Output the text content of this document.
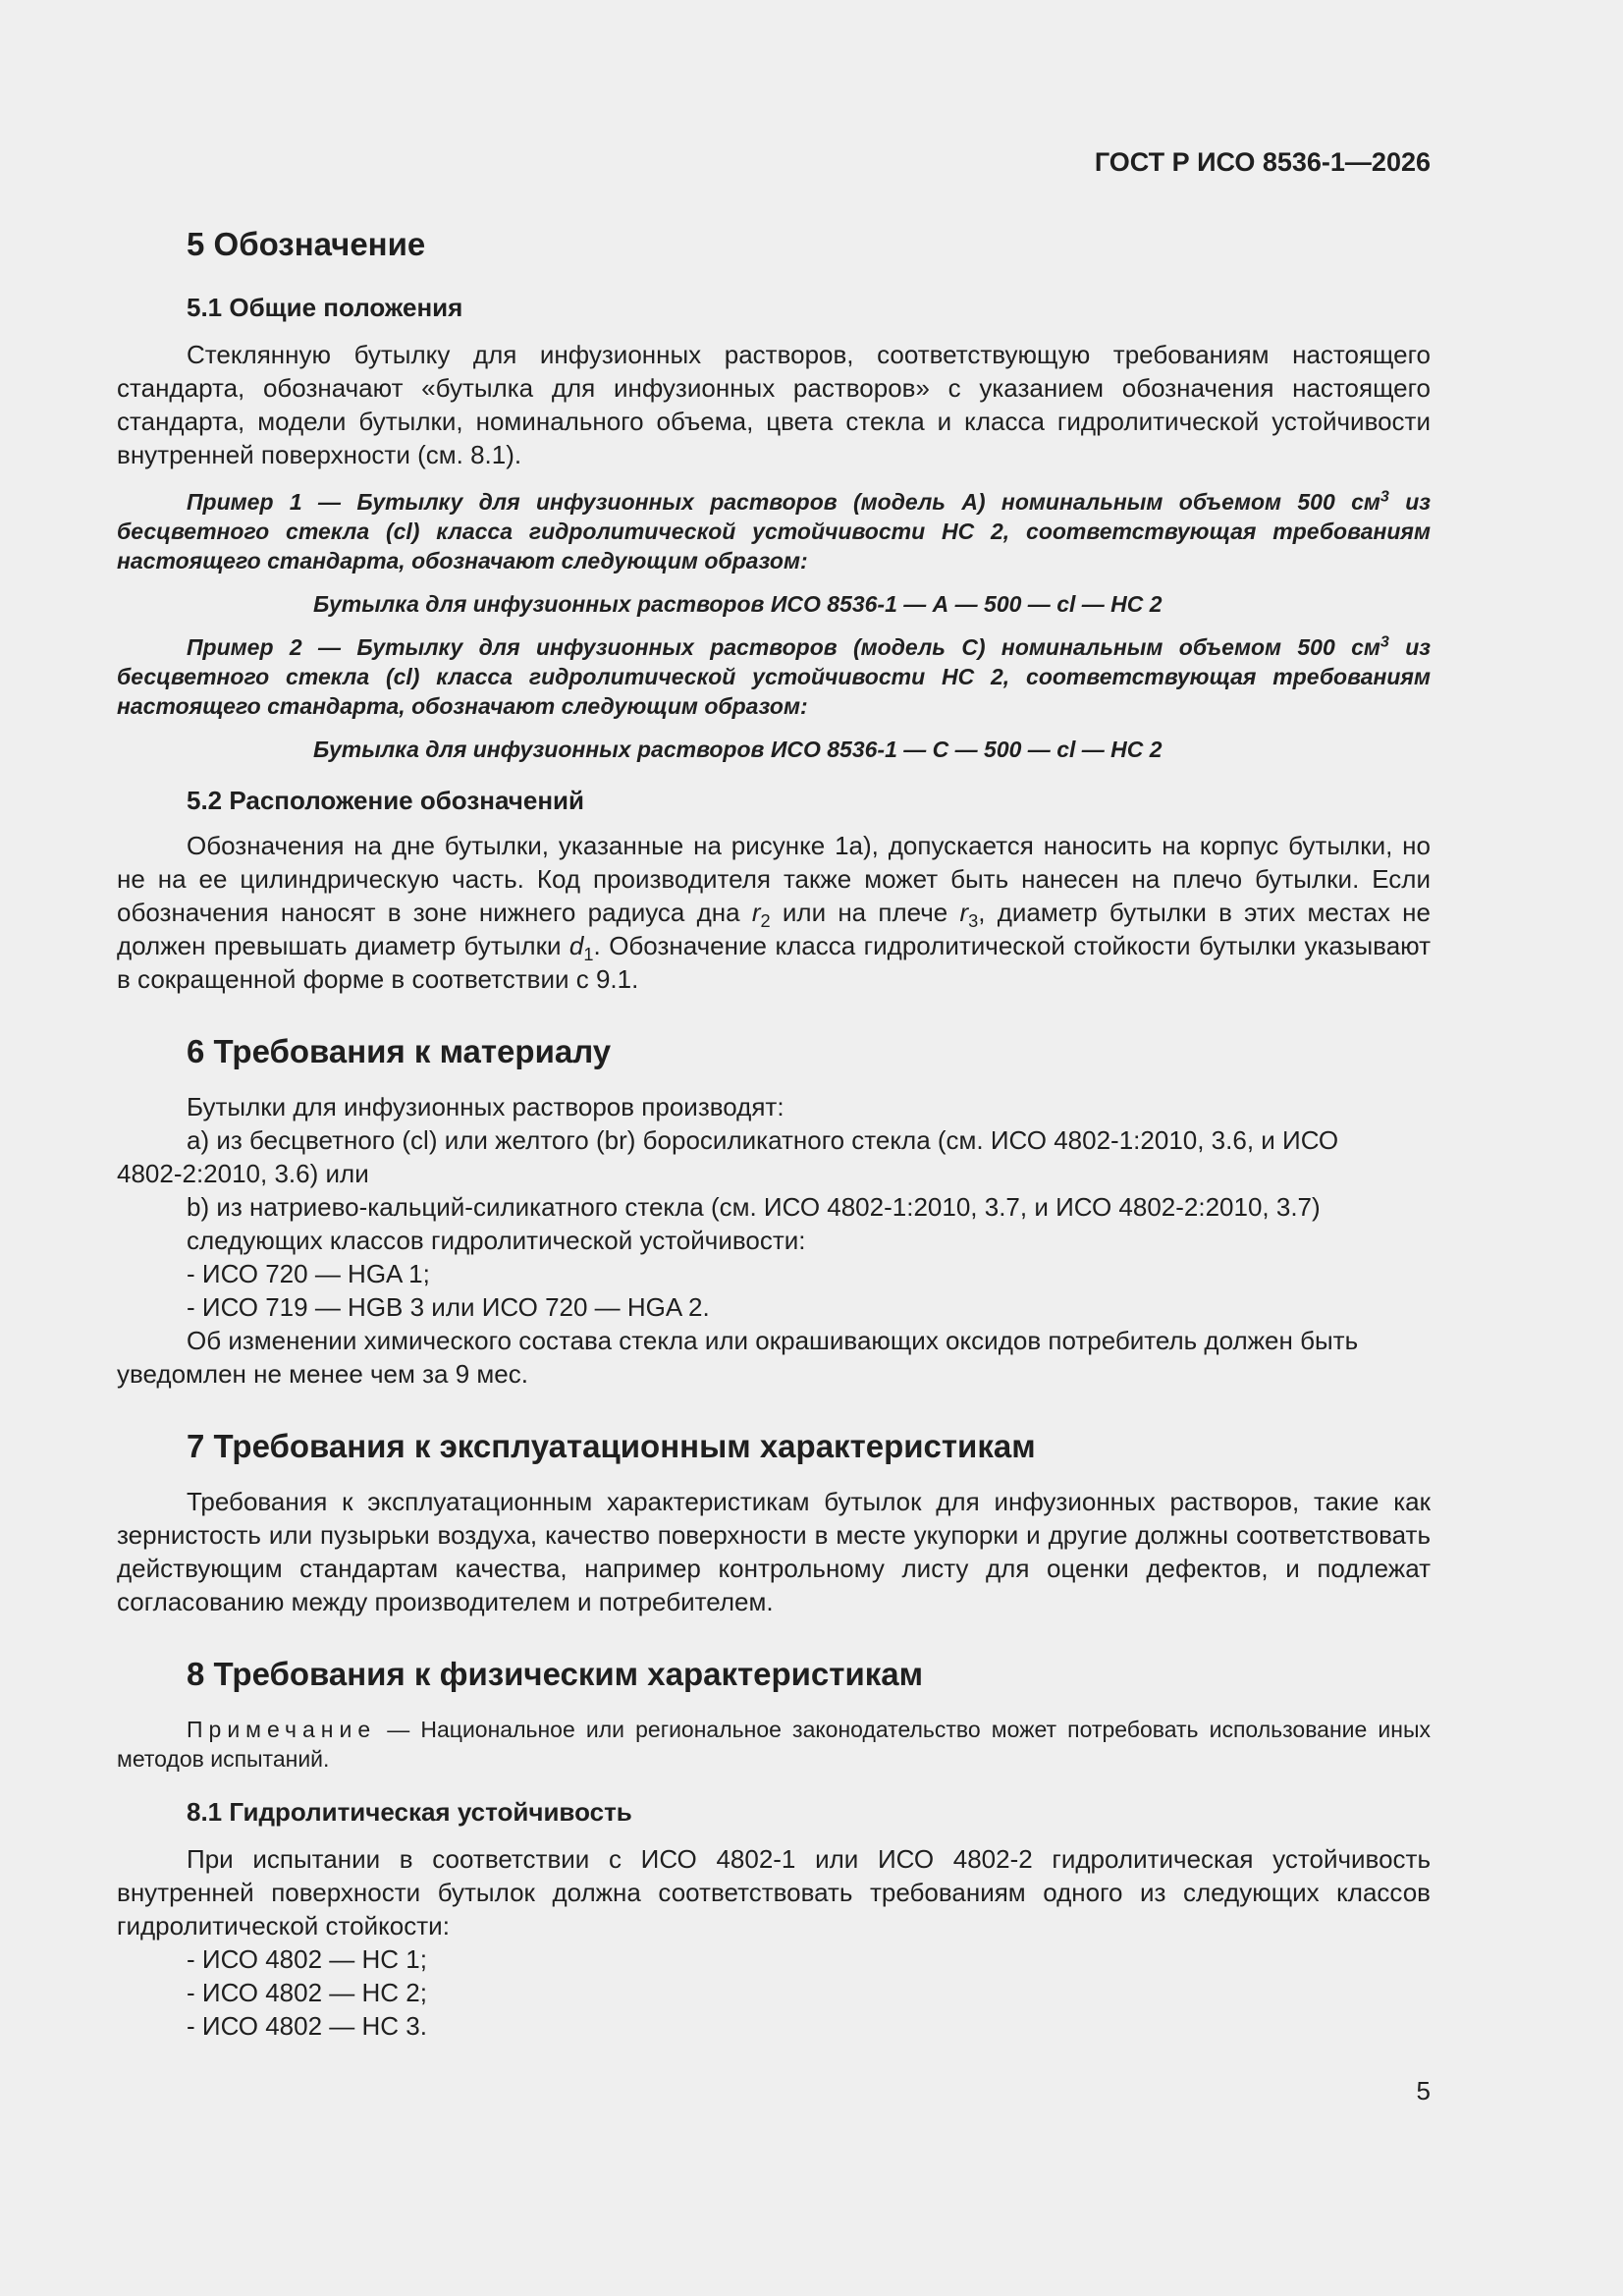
ГОСТ Р ИСО 8536-1—2026
5 Обозначение
5.1 Общие положения

Стеклянную бутылку для инфузионных растворов, соответствующую требованиям настоящего стандарта, обозначают «бутылка для инфузионных растворов» с указанием обозначения настоящего стандарта, модели бутылки, номинального объема, цвета стекла и класса гидролитической устойчивости внутренней поверхности (см. 8.1).

Пример 1 — Бутылку для инфузионных растворов (модель А) номинальным объемом 500 $см^3$ из бесцветного стекла (cl) класса гидролитической устойчивости НС 2, соответствующая требованиям настоящего стандарта, обозначают следующим образом:

Бутылка для инфузионных растворов ИСО 8536-1 — А — 500 — cl — НС 2

Пример 2 — Бутылку для инфузионных растворов (модель С) номинальным объемом 500 $см^3$ из бесцветного стекла (cl) класса гидролитической устойчивости НС 2, соответствующая требованиям настоящего стандарта, обозначают следующим образом:

Бутылка для инфузионных растворов ИСО 8536-1 — С — 500 — cl — НС 2
5.2 Расположение обозначений

Обозначения на дне бутылки, указанные на рисунке 1а), допускается наносить на корпус бутылки, но не на ее цилиндрическую часть. Код производителя также может быть нанесен на плечо бутылки. Если обозначения наносят в зоне нижнего радиуса дна $r_2$ или на плече $r_3$, диаметр бутылки в этих местах не должен превышать диаметр бутылки $d_1$. Обозначение класса гидролитической стойкости бутылки указывают в сокращенной форме в соответствии с 9.1.

6 Требования к материалу
Бутылки для инфузионных растворов производят:
a) из бесцветного (cl) или желтого (br) боросиликатного стекла (см. ИСО 4802-1:2010, 3.6, и ИСО
4802-2:2010, 3.6) или
b) из натриево-кальций-силикатного стекла (см. ИСО 4802-1:2010, 3.7, и ИСО 4802-2:2010, 3.7)
следующих классов гидролитической устойчивости:
- ИСО 720 — HGA 1;
- ИСО 719 — HGB 3 или ИСО 720 — HGA 2.
Об изменении химического состава стекла или окрашивающих оксидов потребитель должен быть
уведомлен не менее чем за 9 мес.
7 Требования к эксплуатационным характеристикам

Требования к эксплуатационным характеристикам бутылок для инфузионных растворов, такие как зернистость или пузырьки воздуха, качество поверхности в месте укупорки и другие должны соответствовать действующим стандартам качества, например контрольному листу для оценки дефектов, и подлежат согласованию между производителем и потребителем.

8 Требования к физическим характеристикам

Примечание — Национальное или региональное законодательство может потребовать использование иных методов испытаний.

8.1 Гидролитическая устойчивость

При испытании в соответствии с ИСО 4802-1 или ИСО 4802-2 гидролитическая устойчивость внутренней поверхности бутылок должна соответствовать требованиям одного из следующих классов гидролитической стойкости:

- ИСО 4802 — НС 1;
- ИСО 4802 — НС 2;
- ИСО 4802 — НС 3.
5
